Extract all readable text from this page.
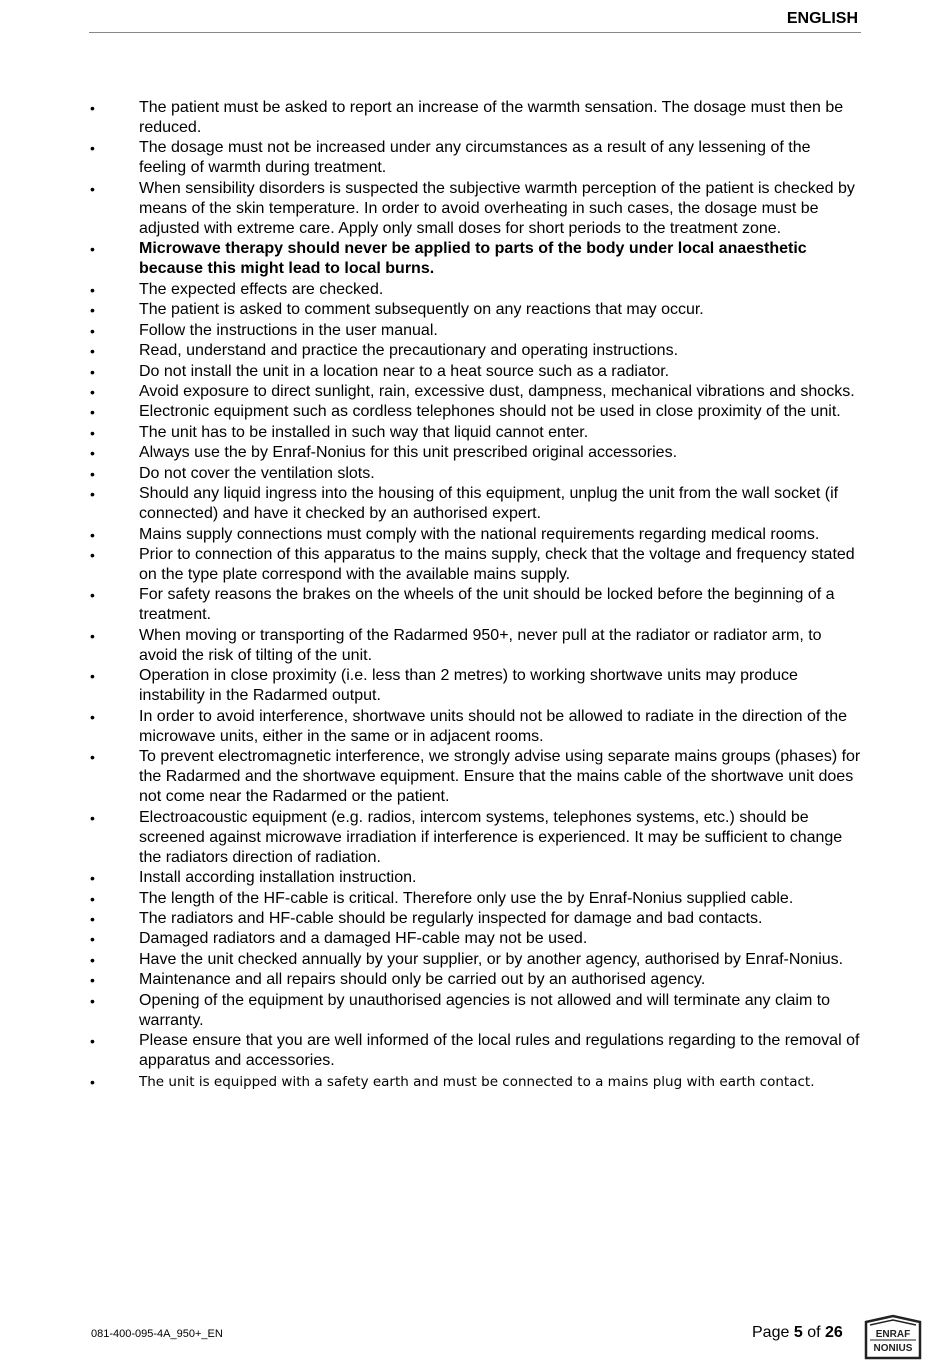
ENGLISH
•	The patient must be asked to report an increase of the warmth sensation. The dosage must then be reduced.
•	The dosage must not be increased under any circumstances as a result of any lessening of the feeling of warmth during treatment.
•	When sensibility disorders is suspected the subjective warmth perception of the patient is checked by means of the skin temperature. In order to avoid overheating in such cases, the dosage must be adjusted with extreme care. Apply only small doses for short periods to the treatment zone.
•	Microwave therapy should never be applied to parts of the body under local anaesthetic because this might lead to local burns.
•	The expected effects are checked.
•	The patient is asked to comment subsequently on any reactions that may occur.
•	Follow the instructions in the user manual.
•	Read, understand and practice the precautionary and operating instructions.
•	Do not install the unit in a location near to a heat source such as a radiator.
•	Avoid exposure to direct sunlight, rain, excessive dust, dampness, mechanical vibrations and shocks.
•	Electronic equipment such as cordless telephones should not be used in close proximity of the unit.
•	The unit has to be installed in such way that liquid cannot enter.
•	Always use the by Enraf-Nonius for this unit prescribed original accessories.
•	Do not cover the ventilation slots.
•	Should any liquid ingress into the housing of this equipment, unplug the unit from the wall socket (if connected) and have it checked by an authorised expert.
•	Mains supply connections must comply with the national requirements regarding medical rooms.
•	Prior to connection of this apparatus to the mains supply, check that the voltage and frequency stated on the type plate correspond with the available mains supply.
•	For safety reasons the brakes on the wheels of the unit should be locked before the beginning of a treatment.
•	When moving or transporting of the Radarmed 950+, never pull at the radiator or radiator arm, to avoid the risk of tilting of the unit.
•	Operation in close proximity (i.e. less than 2 metres) to working shortwave units may produce instability in the Radarmed output.
•	In order to avoid interference, shortwave units should not be allowed to radiate in the direction of the microwave units, either in the same or in adjacent rooms.
•	To prevent electromagnetic interference, we strongly advise using separate mains groups (phases) for the Radarmed and the shortwave equipment. Ensure that the mains cable of the shortwave unit does not come near the Radarmed or the patient.
•	Electroacoustic equipment (e.g. radios, intercom systems, telephones systems, etc.) should be screened against microwave irradiation if interference is experienced. It may be sufficient to change the radiators direction of radiation.
•	Install according installation instruction.
•	The length of the HF-cable is critical. Therefore only use the by Enraf-Nonius supplied cable.
•	The radiators and HF-cable should be regularly inspected for damage and bad contacts.
•	Damaged radiators and a damaged HF-cable may not be used.
•	Have the unit checked annually by your supplier, or by another agency, authorised by Enraf-Nonius.
•	Maintenance and all repairs should only be carried out by an authorised agency.
•	Opening of the equipment by unauthorised agencies is not allowed and will terminate any claim to warranty.
•	Please ensure that you are well informed of the local rules and regulations regarding to the removal of apparatus and accessories.
•	The unit is equipped with a safety earth and must be connected to a mains plug with earth contact.
081-400-095-4A_950+_EN	Page 5 of 26	ENRAF
NONIUS
